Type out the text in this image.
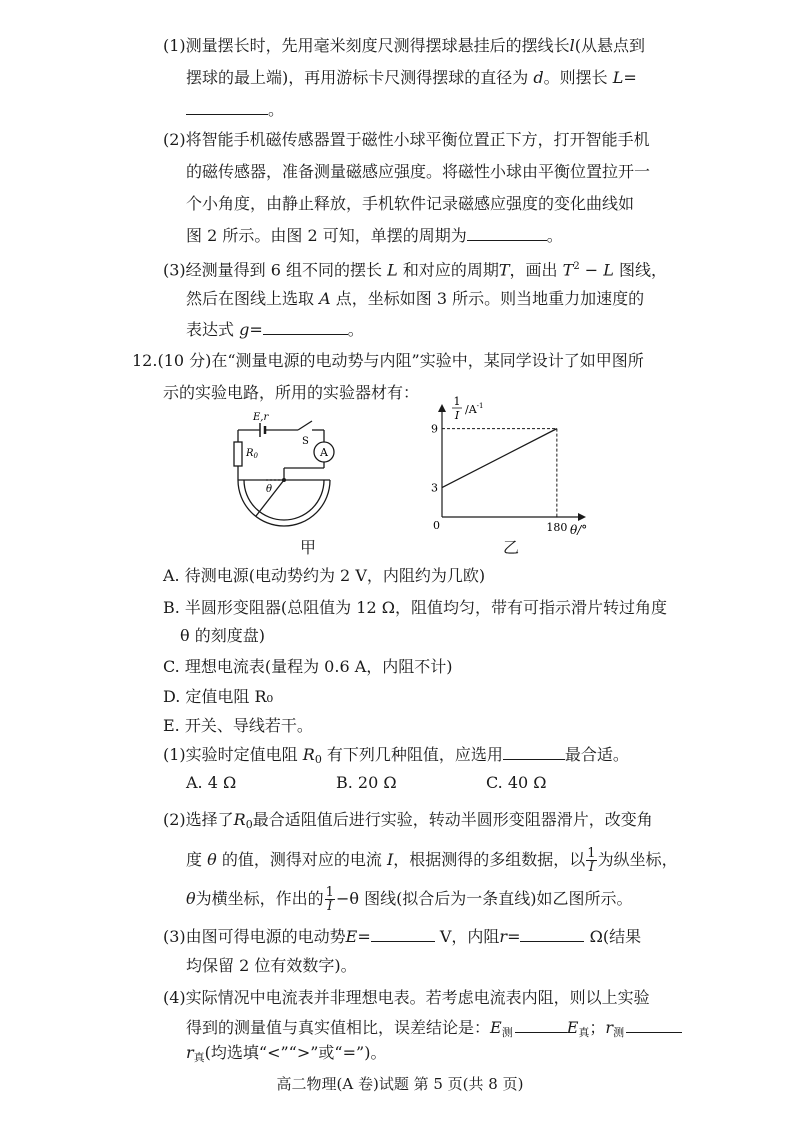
(1)测量摆长时，先用毫米刻度尺测得摆球悬挂后的摆线长l(从悬点到
摆球的最上端)，再用游标卡尺测得摆球的直径为 d。则摆长 L=
。
(2)将智能手机磁传感器置于磁性小球平衡位置正下方，打开智能手机
的磁传感器，准备测量磁感应强度。将磁性小球由平衡位置拉开一
个小角度，由静止释放，手机软件记录磁感应强度的变化曲线如
图 2 所示。由图 2 可知，单摆的周期为	。
(3)经测量得到 6 组不同的摆长 L 和对应的周期T，画出 $T^2 - L$ 图线，
然后在图线上选取 A 点，坐标如图 3 所示。则当地重力加速度的
表达式 g=	。
12.(10 分)在“测量电源的电动势与内阻”实验中，某同学设计了如甲图所
示的实验电路，所用的实验器材有：
E,r
S
A
$R_0$
θ
甲
3
9
180
0	θ/°
1
I $/A^{-1}$
乙
A. 待测电源(电动势约为 2 V，内阻约为几欧)
B. 半圆形变阻器(总阻值为 12 Ω，阻值均匀，带有可指示滑片转过角度
θ 的刻度盘)
C. 理想电流表(量程为 0.6 A，内阻不计)
D. 定值电阻 R₀
E. 开关、导线若干。
(1)实验时定值电阻 $R_0$ 有下列几种阻值，应选用	最合适。
A. 4 Ω	B. 20 Ω	C. 40 Ω
(2)选择了$R_0$最合适阻值后进行实验，转动半圆形变阻器滑片，改变角
度 θ 的值，测得对应的电流 I，根据测得的多组数据，以 $\frac{1}{I}$ 为纵坐标，
θ为横坐标，作出的 $\frac{1}{I} -\theta$ 图线(拟合后为一条直线)如乙图所示。
(3)由图可得电源的电动势E=	V，内阻r=	Ω(结果
均保留 2 位有效数字)。
(4)实际情况中电流表并非理想电表。若考虑电流表内阻，则以上实验
得到的测量值与真实值相比，误差结论是：$E_测$	$E_真$；$r_测$
$r_真$(均选填“<”“>”或“=”)。
高二物理(A 卷)试题 第 5 页(共 8 页)
